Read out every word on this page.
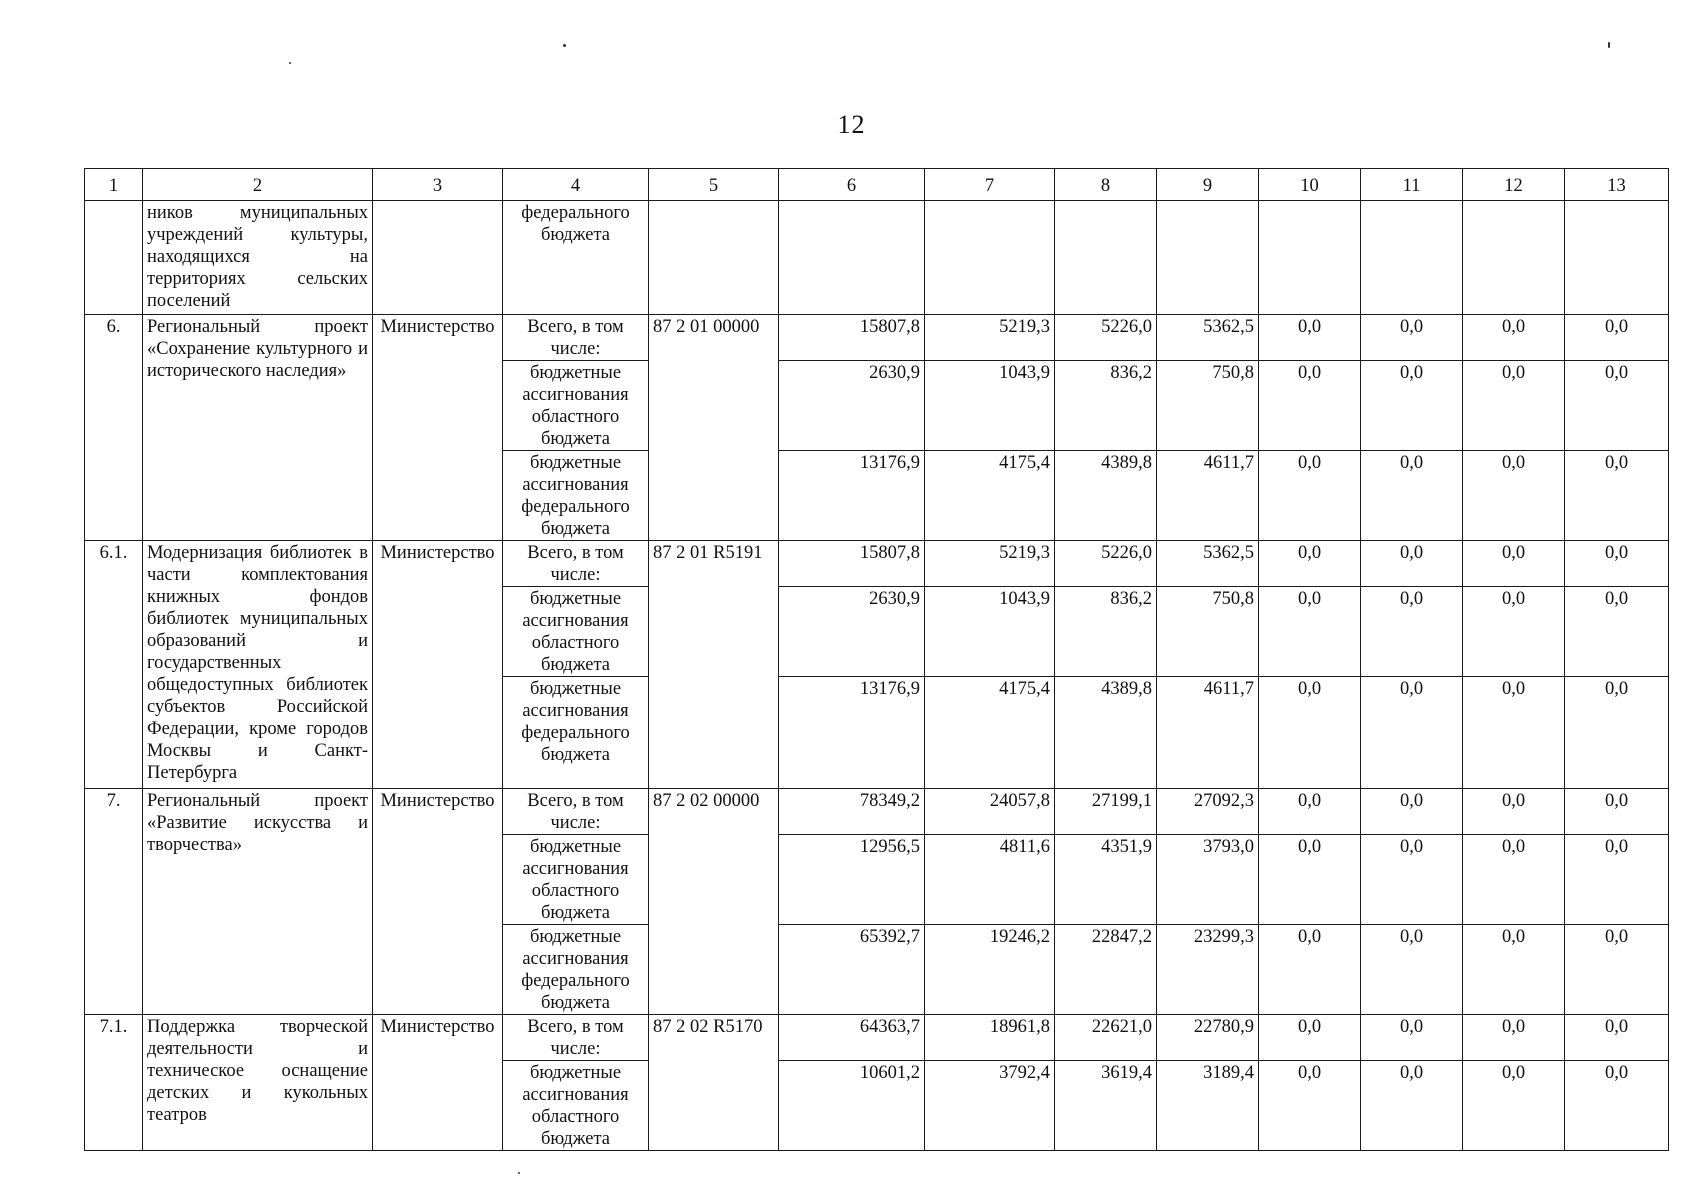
12
1	2	3	4	5	6	7	8	9	10	11	12	13
	ников муниципальных учреждений культуры, находящихся на территориях сельских поселений		федерального бюджета									
6.	Региональный проект «Сохранение культурного и исторического наследия»	Министерство	Всего, в том числе:	87 2 01 00000	15807,8	5219,3	5226,0	5362,5	0,0	0,0	0,0	0,0
			бюджетные ассигнования областного бюджета		2630,9	1043,9	836,2	750,8	0,0	0,0	0,0	0,0
			бюджетные ассигнования федерального бюджета		13176,9	4175,4	4389,8	4611,7	0,0	0,0	0,0	0,0
6.1.	Модернизация библиотек в части комплектования книжных фондов библиотек муниципальных образований и государственных общедоступных библиотек субъектов Российской Федерации, кроме городов Москвы и Санкт-Петербурга	Министерство	Всего, в том числе:	87 2 01 R5191	15807,8	5219,3	5226,0	5362,5	0,0	0,0	0,0	0,0
			бюджетные ассигнования областного бюджета		2630,9	1043,9	836,2	750,8	0,0	0,0	0,0	0,0
			бюджетные ассигнования федерального бюджета		13176,9	4175,4	4389,8	4611,7	0,0	0,0	0,0	0,0
7.	Региональный проект «Развитие искусства и творчества»	Министерство	Всего, в том числе:	87 2 02 00000	78349,2	24057,8	27199,1	27092,3	0,0	0,0	0,0	0,0
			бюджетные ассигнования областного бюджета		12956,5	4811,6	4351,9	3793,0	0,0	0,0	0,0	0,0
			бюджетные ассигнования федерального бюджета		65392,7	19246,2	22847,2	23299,3	0,0	0,0	0,0	0,0
7.1.	Поддержка творческой деятельности и техническое оснащение детских и кукольных театров	Министерство	Всего, в том числе:	87 2 02 R5170	64363,7	18961,8	22621,0	22780,9	0,0	0,0	0,0	0,0
			бюджетные ассигнования областного бюджета		10601,2	3792,4	3619,4	3189,4	0,0	0,0	0,0	0,0
